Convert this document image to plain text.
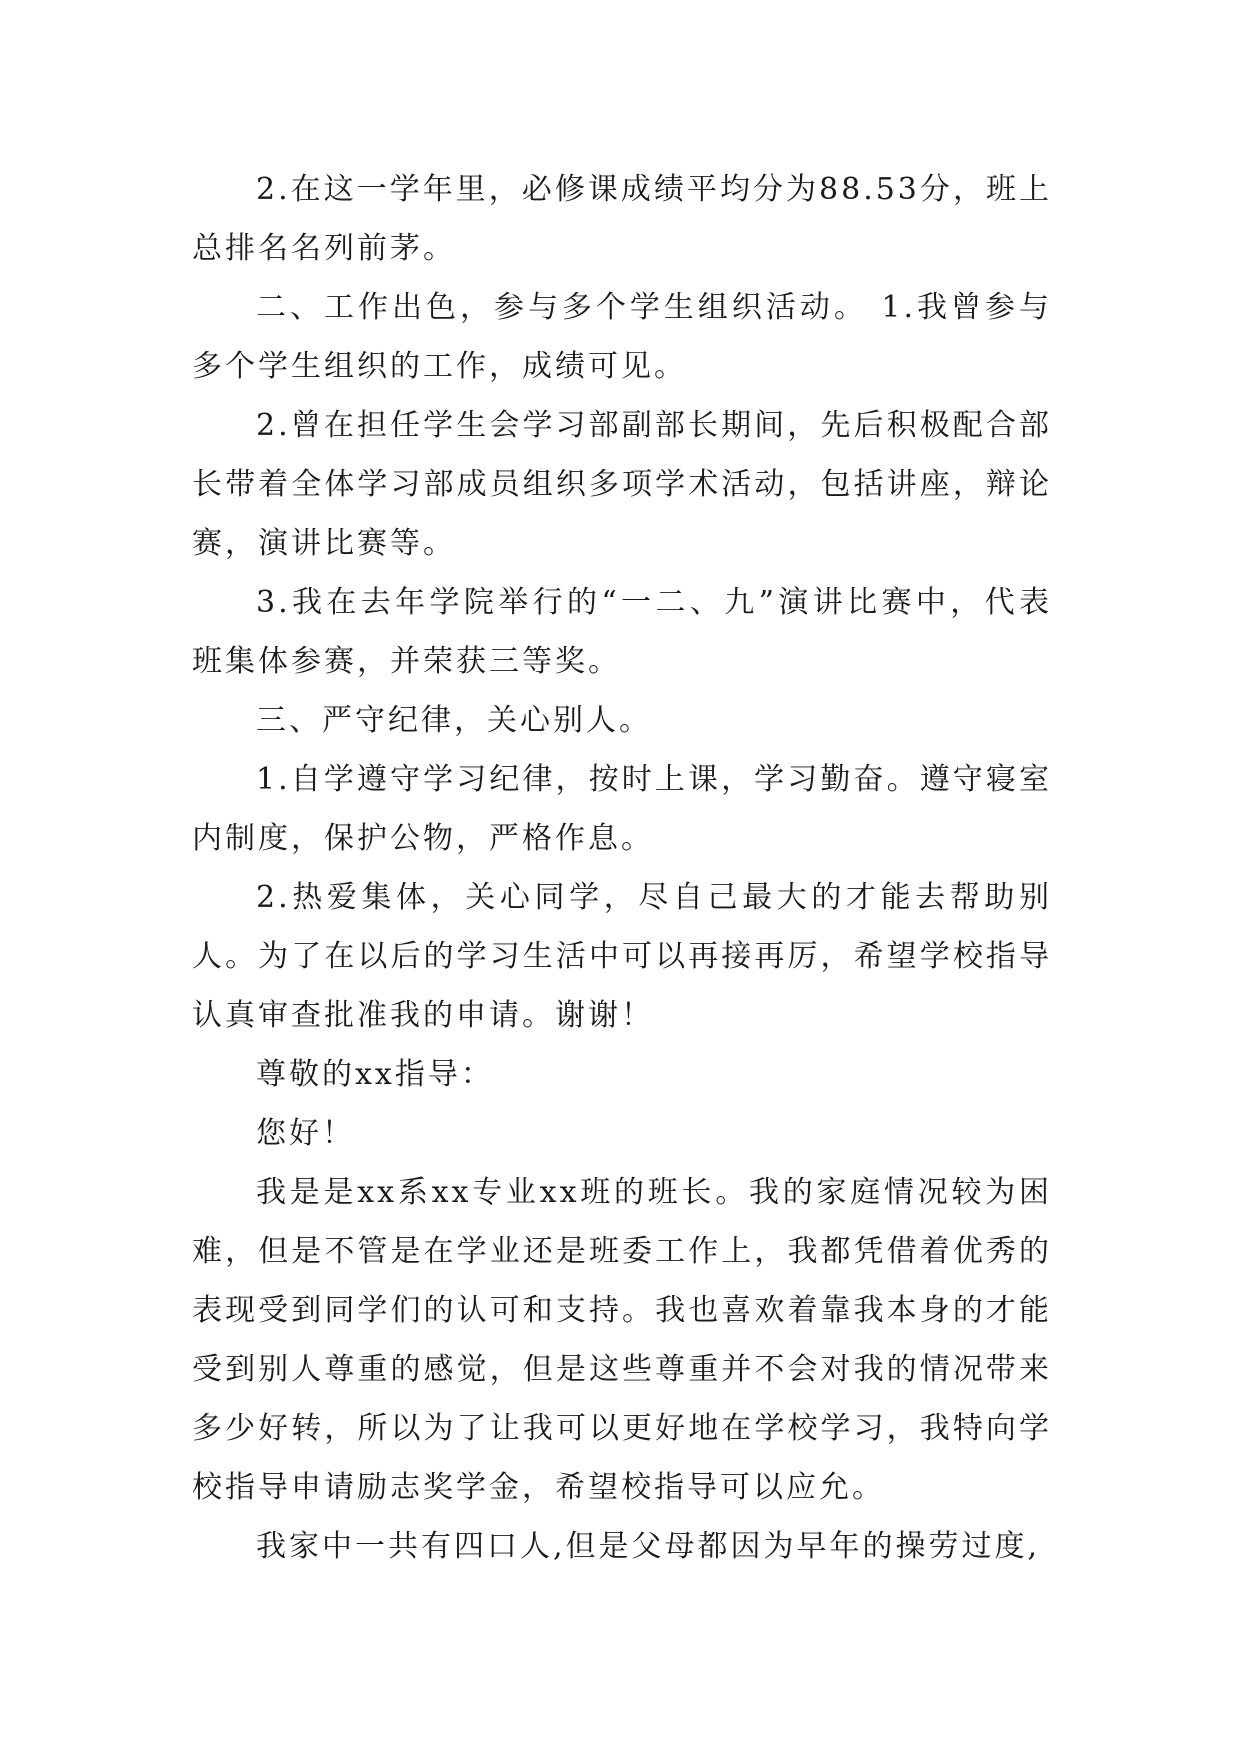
2.在这一学年里，必修课成绩平均分为88.53分，班上总排名名列前茅。

二、工作出色，参与多个学生组织活动。 1.我曾参与多个学生组织的工作，成绩可见。

2.曾在担任学生会学习部副部长期间，先后积极配合部长带着全体学习部成员组织多项学术活动，包括讲座，辩论赛，演讲比赛等。

3.我在去年学院举行的“一二、九”演讲比赛中，代表班集体参赛，并荣获三等奖。

三、严守纪律，关心别人。

1.自学遵守学习纪律，按时上课，学习勤奋。遵守寝室内制度，保护公物，严格作息。

2.热爱集体，关心同学，尽自己最大的才能去帮助别人。为了在以后的学习生活中可以再接再厉，希望学校指导认真审查批准我的申请。谢谢！

尊敬的xx指导：

您好！

我是是xx系xx专业xx班的班长。我的家庭情况较为困难，但是不管是在学业还是班委工作上，我都凭借着优秀的表现受到同学们的认可和支持。我也喜欢着靠我本身的才能受到别人尊重的感觉，但是这些尊重并不会对我的情况带来多少好转，所以为了让我可以更好地在学校学习，我特向学校指导申请励志奖学金，希望校指导可以应允。

我家中一共有四口人,但是父母都因为早年的操劳过度,
